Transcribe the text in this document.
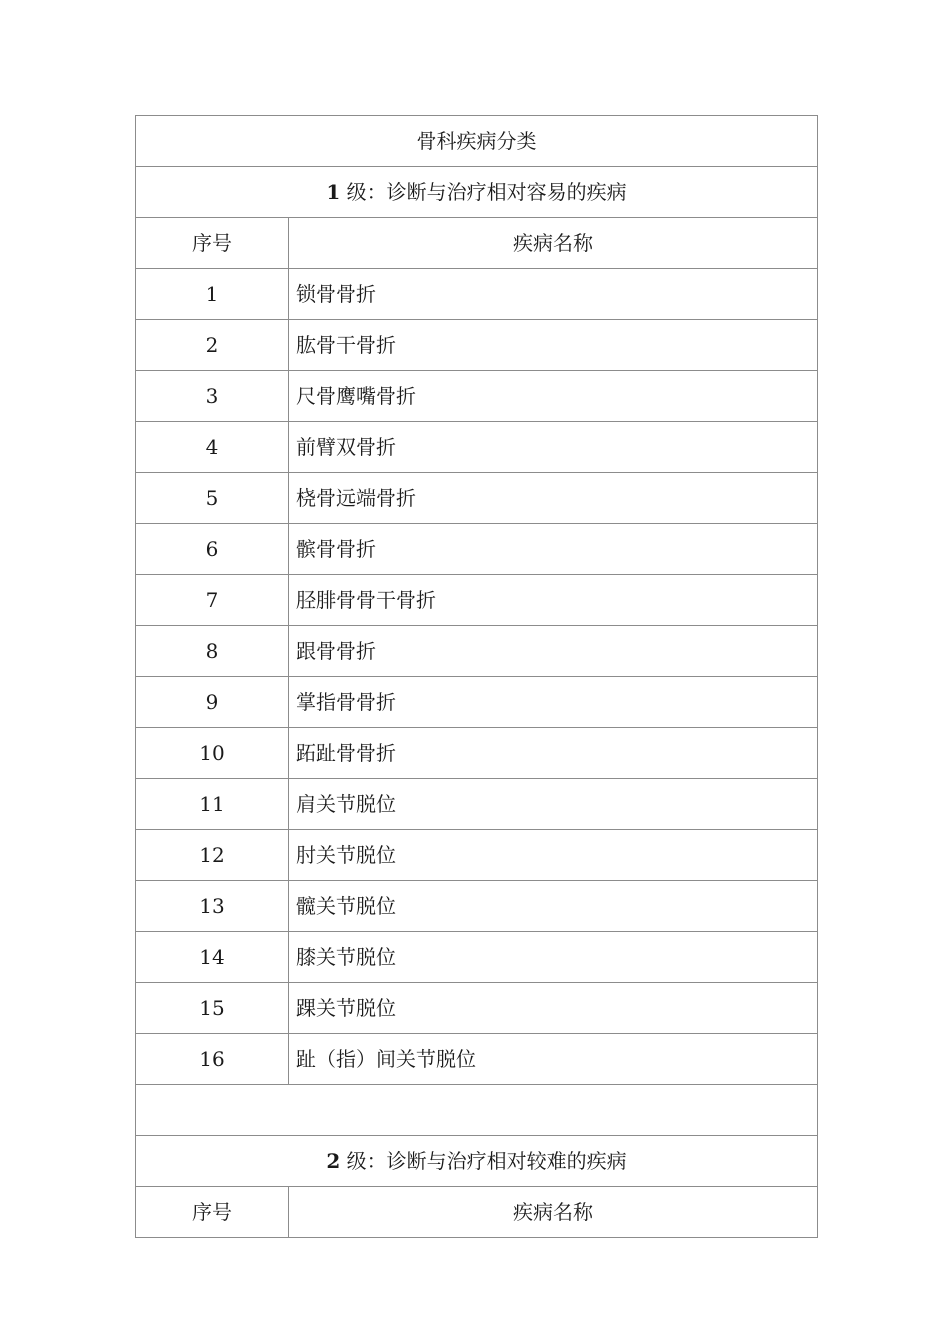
骨科疾病分类	
1 级：诊断与治疗相对容易的疾病	
序号	疾病名称
1	锁骨骨折
2	肱骨干骨折
3	尺骨鹰嘴骨折
4	前臂双骨折
5	桡骨远端骨折
6	髌骨骨折
7	胫腓骨骨干骨折
8	跟骨骨折
9	掌指骨骨折
10	跖趾骨骨折
11	肩关节脱位
12	肘关节脱位
13	髋关节脱位
14	膝关节脱位
15	踝关节脱位
16	趾（指）间关节脱位

2 级：诊断与治疗相对较难的疾病	
序号	疾病名称
